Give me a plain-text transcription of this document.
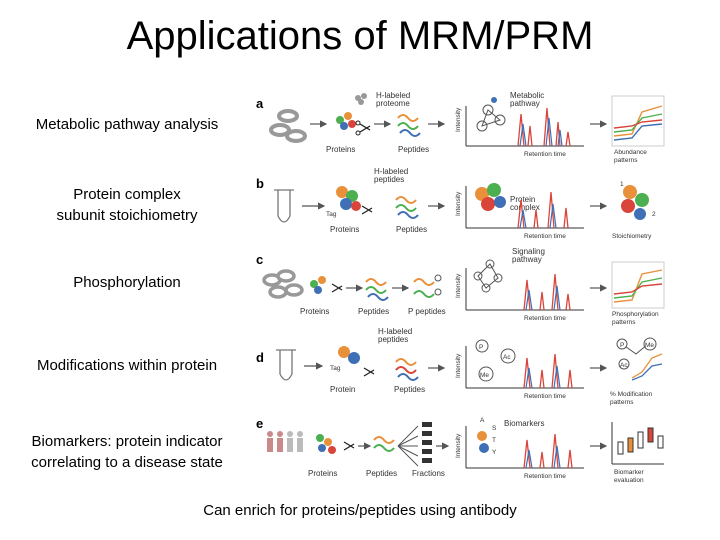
Applications of MRM/PRM
Metabolic pathway analysis
Protein complex
subunit stoichiometry
Phosphorylation
Modifications within protein
Biomarkers: protein indicator
correlating to a disease state
Can enrich for proteins/peptides using antibody
a
H-labeled proteome
Proteins	Peptides
Intensity
Metabolic pathway
Retention time	Abundance patterns
b
Tag
H-labeled peptides
Proteins	Peptides
Intensity	Protein complex
Retention time
1
2
Stoichiometry
c
Proteins	Peptides P peptides
Intensity
Signaling pathway
Retention time
Phosphorylation patterns
d
Tag
H-labeled peptides
Protein	Peptides
Intensity
P
Ac
Me
Retention time
P	Me
Ac
% Modification patterns
e
Proteins	Peptides Fractions
Intensity
A
S
T
Y
Biomarkers
Retention time
Biomarker evaluation
